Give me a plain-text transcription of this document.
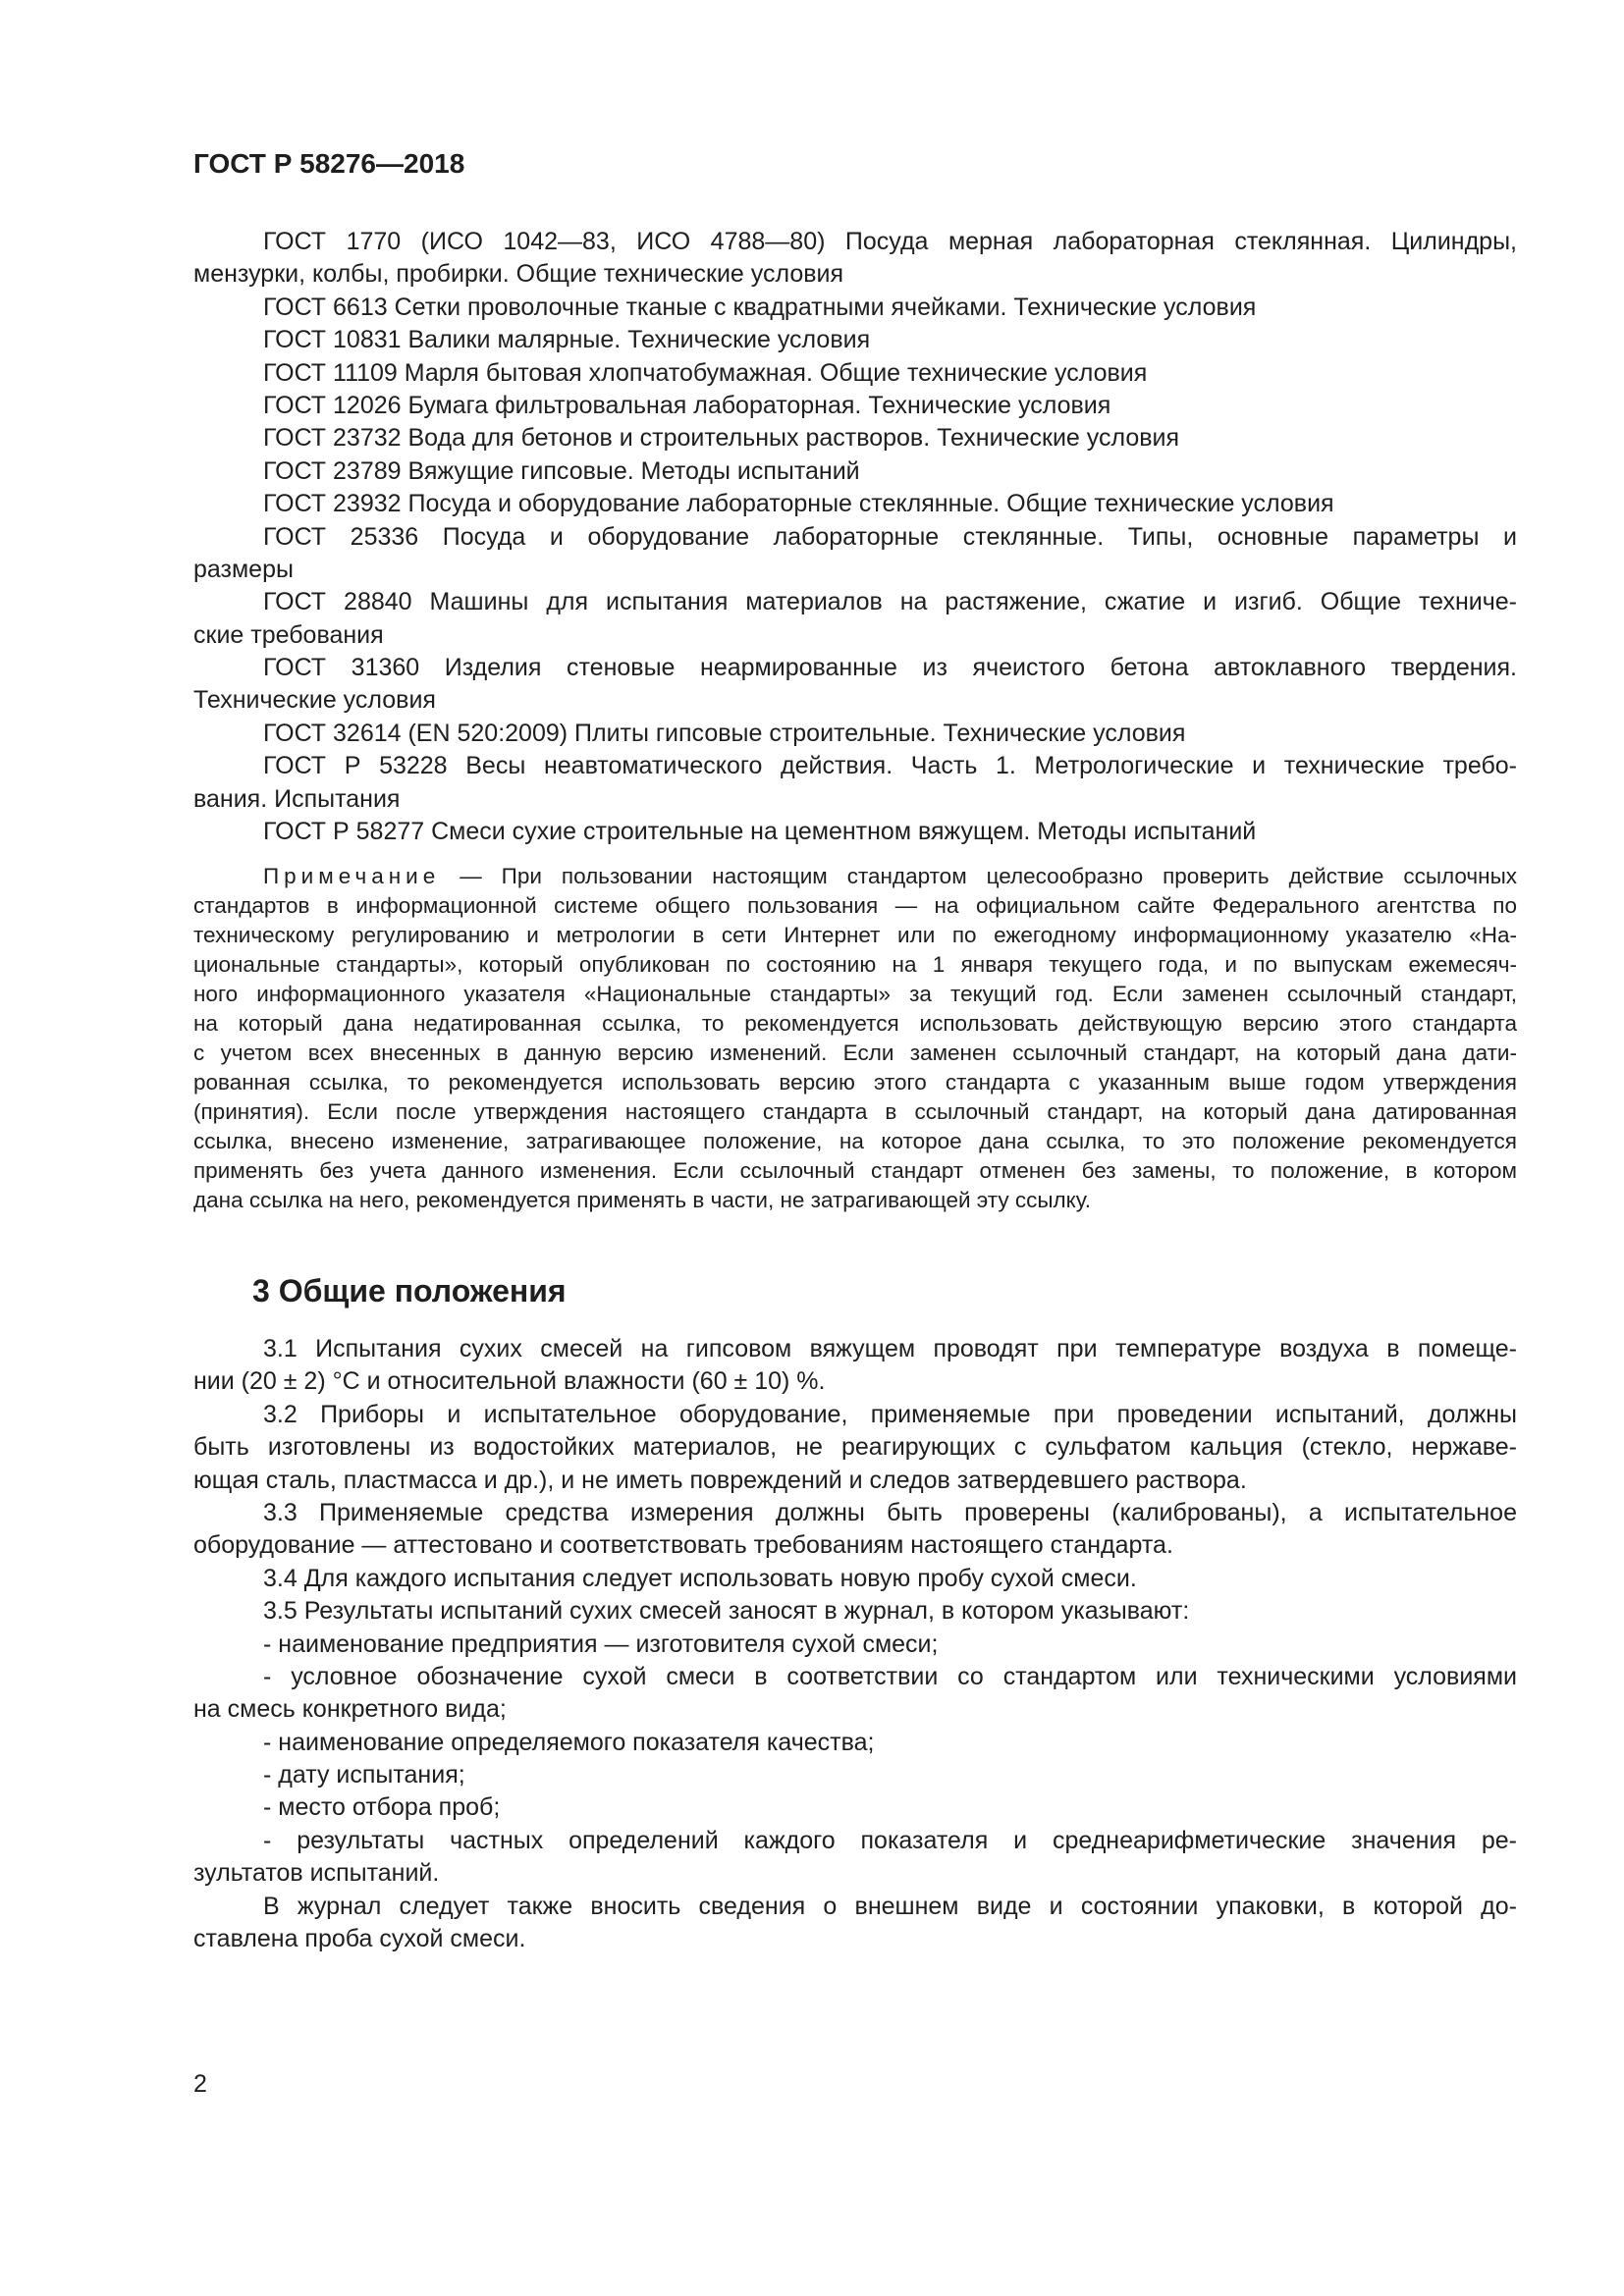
ГОСТ Р 58276—2018
ГОСТ 1770 (ИСО 1042—83, ИСО 4788—80) Посуда мерная лабораторная стеклянная. Цилиндры,
мензурки, колбы, пробирки. Общие технические условия
ГОСТ 6613 Сетки проволочные тканые с квадратными ячейками. Технические условия
ГОСТ 10831 Валики малярные. Технические условия
ГОСТ 11109 Марля бытовая хлопчатобумажная. Общие технические условия
ГОСТ 12026 Бумага фильтровальная лабораторная. Технические условия
ГОСТ 23732 Вода для бетонов и строительных растворов. Технические условия
ГОСТ 23789 Вяжущие гипсовые. Методы испытаний
ГОСТ 23932 Посуда и оборудование лабораторные стеклянные. Общие технические условия
ГОСТ 25336 Посуда и оборудование лабораторные стеклянные. Типы, основные параметры и
размеры
ГОСТ 28840 Машины для испытания материалов на растяжение, сжатие и изгиб. Общие техниче-
ские требования
ГОСТ 31360 Изделия стеновые неармированные из ячеистого бетона автоклавного твердения.
Технические условия
ГОСТ 32614 (EN 520:2009) Плиты гипсовые строительные. Технические условия
ГОСТ Р 53228 Весы неавтоматического действия. Часть 1. Метрологические и технические требо-
вания. Испытания
ГОСТ Р 58277 Смеси сухие строительные на цементном вяжущем. Методы испытаний
Примечание — При пользовании настоящим стандартом целесообразно проверить действие ссылочных
стандартов в информационной системе общего пользования — на официальном сайте Федерального агентства по
техническому регулированию и метрологии в сети Интернет или по ежегодному информационному указателю «На-
циональные стандарты», который опубликован по состоянию на 1 января текущего года, и по выпускам ежемесяч-
ного информационного указателя «Национальные стандарты» за текущий год. Если заменен ссылочный стандарт,
на который дана недатированная ссылка, то рекомендуется использовать действующую версию этого стандарта
с учетом всех внесенных в данную версию изменений. Если заменен ссылочный стандарт, на который дана дати-
рованная ссылка, то рекомендуется использовать версию этого стандарта с указанным выше годом утверждения
(принятия). Если после утверждения настоящего стандарта в ссылочный стандарт, на который дана датированная
ссылка, внесено изменение, затрагивающее положение, на которое дана ссылка, то это положение рекомендуется
применять без учета данного изменения. Если ссылочный стандарт отменен без замены, то положение, в котором
дана ссылка на него, рекомендуется применять в части, не затрагивающей эту ссылку.
3 Общие положения
3.1 Испытания сухих смесей на гипсовом вяжущем проводят при температуре воздуха в помеще-
нии (20 ± 2) °С и относительной влажности (60 ± 10) %.
3.2 Приборы и испытательное оборудование, применяемые при проведении испытаний, должны
быть изготовлены из водостойких материалов, не реагирующих с сульфатом кальция (стекло, нержаве-
ющая сталь, пластмасса и др.), и не иметь повреждений и следов затвердевшего раствора.
3.3 Применяемые средства измерения должны быть проверены (калиброваны), а испытательное
оборудование — аттестовано и соответствовать требованиям настоящего стандарта.
3.4 Для каждого испытания следует использовать новую пробу сухой смеси.
3.5 Результаты испытаний сухих смесей заносят в журнал, в котором указывают:
- наименование предприятия — изготовителя сухой смеси;
- условное обозначение сухой смеси в соответствии со стандартом или техническими условиями
на смесь конкретного вида;
- наименование определяемого показателя качества;
- дату испытания;
- место отбора проб;
- результаты частных определений каждого показателя и среднеарифметические значения ре-
зультатов испытаний.
В журнал следует также вносить сведения о внешнем виде и состоянии упаковки, в которой до-
ставлена проба сухой смеси.
2
